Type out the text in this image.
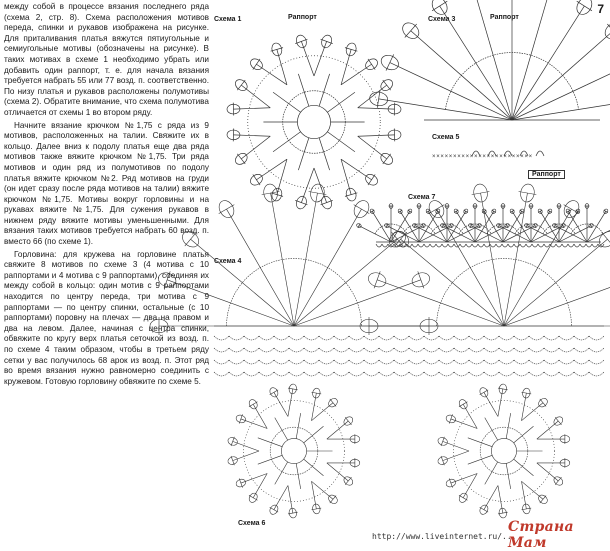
между собой в процессе вязания последнего ряда (схема 2, стр. 8). Схема расположения мотивов переда, спинки и рукавов изображена на рисунке. Для приталивания платья вяжутся пятиугольные и семиугольные мотивы (обозначены на рисунке). В таких мотивах в схеме 1 необходимо убрать или добавить один раппорт, т. е. для начала вязания требуется набрать 55 или 77 возд. п. соответственно. По низу платья и рукавов расположены полумотивы (схема 2). Обратите внимание, что схема полумотива отличается от схемы 1 во втором ряду.

Начните вязание крючком №1,75 с ряда из 9 мотивов, расположенных на талии. Свяжите их в кольцо. Далее вниз к подолу платья еще два ряда мотивов также вяжите крючком №1,75. Три ряда мотивов и один ряд из полумотивов по подолу платья вяжите крючком №2. Ряд мотивов на груди (он идет сразу после ряда мотивов на талии) вяжите крючком №1,75. Мотивы вокруг горловины и на рукавах вяжите №1,75. Для сужения рукавов в нижнем ряду вяжите мотивы уменьшенными. Для вязания таких мотивов требуется набрать 60 возд. п. вместо 66 (по схеме 1).

Горловина: для кружева на горловине платья свяжите 8 мотивов по схеме 3 (4 мотива с 10 раппортами и 4 мотива с 9 раппортами), соединяя их между собой в кольцо: один мотив с 9 раппортами находится по центру переда, три мотива с 9 раппортами — по центру спинки, остальные (с 10 раппортами) поровну на плечах — два на правом и два на левом. Далее, начиная с центра спинки, обвяжите по кругу верх платья сеточкой из возд. п. по схеме 4 таким образом, чтобы в третьем ряду сетки у вас получилось 68 арок из возд. п. Этот ряд во время вязания нужно равномерно соединить с кружевом. Готовую горловину обвяжите по схеме 5.

7
Схема 1	Раппорт	Схема 3	Раппорт
Схема 5
× × × × × × × × × × × × × × × × × × × × × × × ×
Раппорт
Схема 7
Схема 4
Схема 6
http://www.liveinternet.ru/...
Страна Мам
